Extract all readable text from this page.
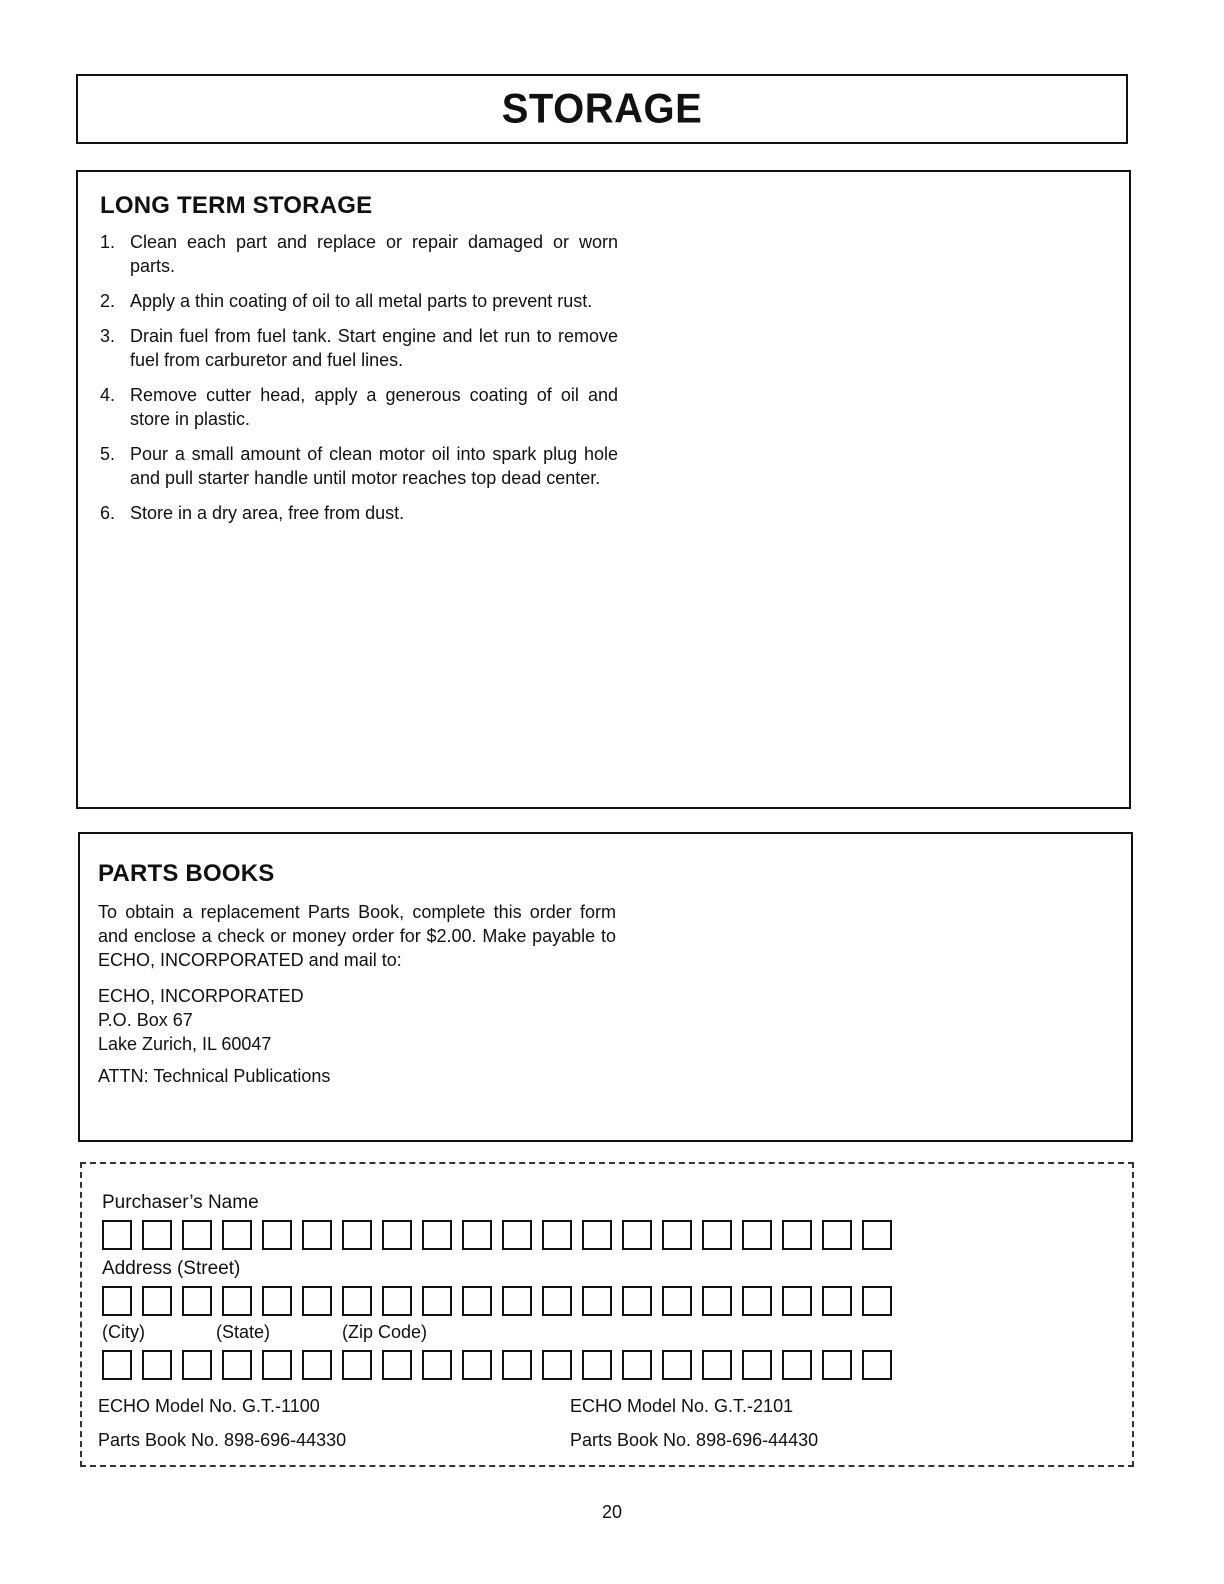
STORAGE
LONG TERM STORAGE
1. Clean each part and replace or repair damaged or worn parts.
2. Apply a thin coating of oil to all metal parts to prevent rust.
3. Drain fuel from fuel tank. Start engine and let run to remove fuel from carburetor and fuel lines.
4. Remove cutter head, apply a generous coating of oil and store in plastic.
5. Pour a small amount of clean motor oil into spark plug hole and pull starter handle until motor reaches top dead center.
6. Store in a dry area, free from dust.
PARTS BOOKS

To obtain a replacement Parts Book, complete this order form and enclose a check or money order for $2.00. Make payable to ECHO, INCORPORATED and mail to:

ECHO, INCORPORATED
P.O. Box 67
Lake Zurich, IL 60047

ATTN: Technical Publications

Purchaser’s Name

Address (Street)

(City)	(State)	(Zip Code)

ECHO Model No. G.T.-1100

Parts Book No. 898-696-44330

ECHO Model No. G.T.-2101

Parts Book No. 898-696-44430

20
